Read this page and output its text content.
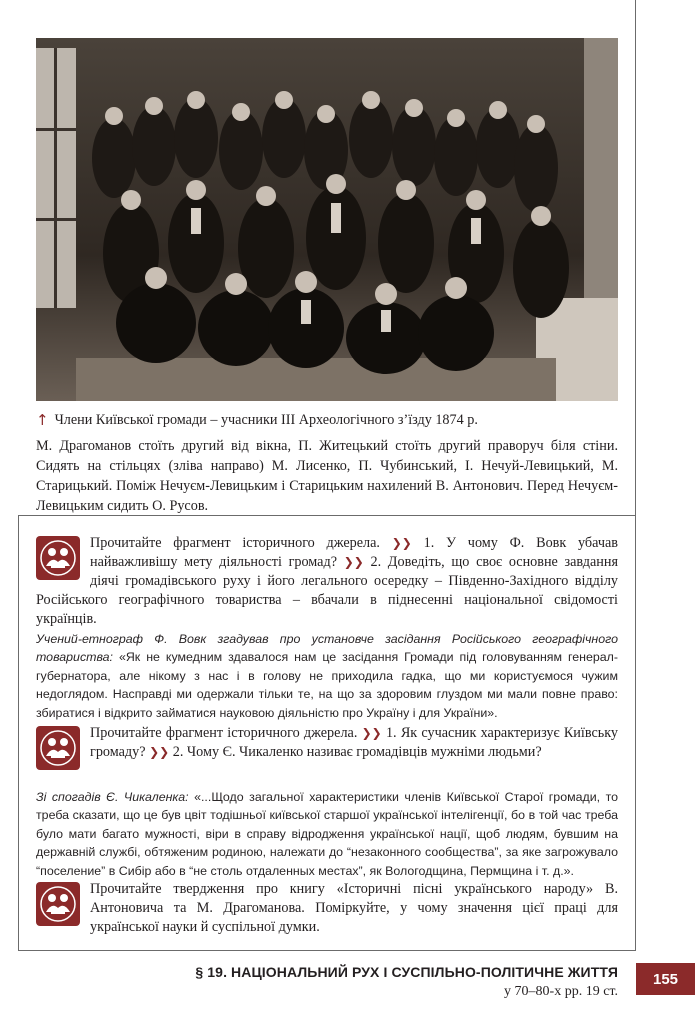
↑ Члени Київської громади – учасники ІІІ Археологічного з’їзду 1874 р.

М. Драгоманов стоїть другий від вікна, П. Житецький стоїть другий праворуч біля стіни. Сидять на стільцях (зліва направо) М. Лисенко, П. Чубинський, І. Нечуй-Левицький, М. Старицький. Поміж Нечуєм-Левицьким і Старицьким нахилений В. Антонович. Перед Нечуєм-Левицьким сидить О. Русов.

Прочитайте фрагмент історичного джерела. ❯❯ 1. У чому Ф. Вовк убачав найважливішу мету діяльності громад? ❯❯ 2. Доведіть, що своє основне завдання діячі громадівського руху і його легального осередку – Південно-Західного відділу Російського географічного товариства – вбачали в піднесенні національної свідомості українців.
Учений-етнограф Ф. Вовк згадував про установче засідання Російського географічного товариства: «Як не кумедним здавалося нам це засідання Громади під головуванням генерал-губернатора, але нікому з нас і в голову не приходила гадка, що ми користуємося чужим недоглядом. Насправді ми одержали тільки те, на що за здоровим глуздом ми мали повне право: збиратися і відкрито займатися науковою діяльністю про Україну і для України».
Прочитайте фрагмент історичного джерела. ❯❯ 1. Як сучасник характеризує Київську громаду? ❯❯ 2. Чому Є. Чикаленко називає громадівців мужніми людьми?
Зі спогадів Є. Чикаленка: «...Щодо загальної характеристики членів Київської Старої громади, то треба сказати, що це був цвіт тодішньої київської старшої української інтелігенції, бо в той час треба було мати багато мужності, віри в справу відродження української нації, щоб людям, бувшим на державній службі, обтяженим родиною, належати до “незаконного сообщества”, за яке загрожувало “поселение” в Сибір або в “не столь отдаленных местах”, як Вологодщина, Пермщина і т. д.».
Прочитайте твердження про книгу «Історичні пісні українського народу» В. Антоновича та М. Драгоманова. Поміркуйте, у чому значення цієї праці для української науки й суспільної думки.
§ 19. НАЦІОНАЛЬНИЙ РУХ І СУСПІЛЬНО-ПОЛІТИЧНЕ ЖИТТЯ
у 70–80-х рр. 19 ст.
155
